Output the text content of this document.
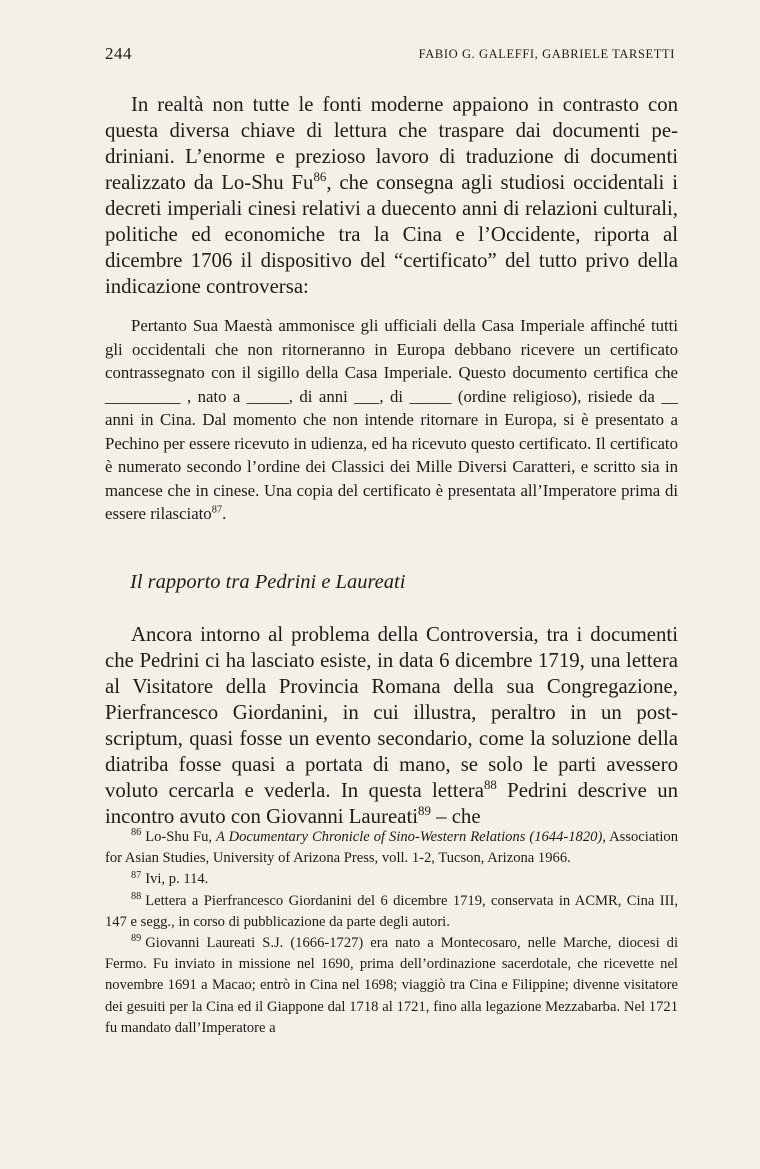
244	FABIO G. GALEFFI, GABRIELE TARSETTI

In realtà non tutte le fonti moderne appaiono in contrasto con questa diversa chiave di lettura che traspare dai documenti pedriniani. L’enorme e prezioso lavoro di traduzione di documenti realizzato da Lo-Shu Fu$^{86}$, che consegna agli studiosi occidentali i decreti imperiali cinesi relativi a duecento anni di relazioni culturali, politiche ed economiche tra la Cina e l’Occidente, riporta al dicembre 1706 il dispositivo del “certificato” del tutto privo della indicazione controversa:

Pertanto Sua Maestà ammonisce gli ufficiali della Casa Imperiale affinché tutti gli occidentali che non ritorneranno in Europa debbano ricevere un certificato contrassegnato con il sigillo della Casa Imperiale. Questo documento certifica che _________ , nato a _____, di anni ___, di _____ (ordine religioso), risiede da __ anni in Cina. Dal momento che non intende ritornare in Europa, si è presentato a Pechino per essere ricevuto in udienza, ed ha ricevuto questo certificato. Il certificato è numerato secondo l’ordine dei Classici dei Mille Diversi Caratteri, e scritto sia in mancese che in cinese. Una copia del certificato è presentata all’Imperatore prima di essere rilasciato$^{87}$.

Il rapporto tra Pedrini e Laureati

Ancora intorno al problema della Controversia, tra i documenti che Pedrini ci ha lasciato esiste, in data 6 dicembre 1719, una lettera al Visitatore della Provincia Romana della sua Congregazione, Pierfrancesco Giordanini, in cui illustra, peraltro in un post-scriptum, quasi fosse un evento secondario, come la soluzione della diatriba fosse quasi a portata di mano, se solo le parti avessero voluto cercarla e vederla. In questa lettera$^{88}$ Pedrini descrive un incontro avuto con Giovanni Laureati$^{89}$ – che

$^{86}$ Lo-Shu Fu, A Documentary Chronicle of Sino-Western Relations (1644-1820), Association for Asian Studies, University of Arizona Press, voll. 1-2, Tucson, Arizona 1966.

$^{87}$ Ivi, p. 114.

$^{88}$ Lettera a Pierfrancesco Giordanini del 6 dicembre 1719, conservata in ACMR, Cina III, 147 e segg., in corso di pubblicazione da parte degli autori.

$^{89}$ Giovanni Laureati S.J. (1666-1727) era nato a Montecosaro, nelle Marche, diocesi di Fermo. Fu inviato in missione nel 1690, prima dell’ordinazione sacerdotale, che ricevette nel novembre 1691 a Macao; entrò in Cina nel 1698; viaggiò tra Cina e Filippine; divenne visitatore dei gesuiti per la Cina ed il Giappone dal 1718 al 1721, fino alla legazione Mezzabarba. Nel 1721 fu mandato dall’Imperatore a
